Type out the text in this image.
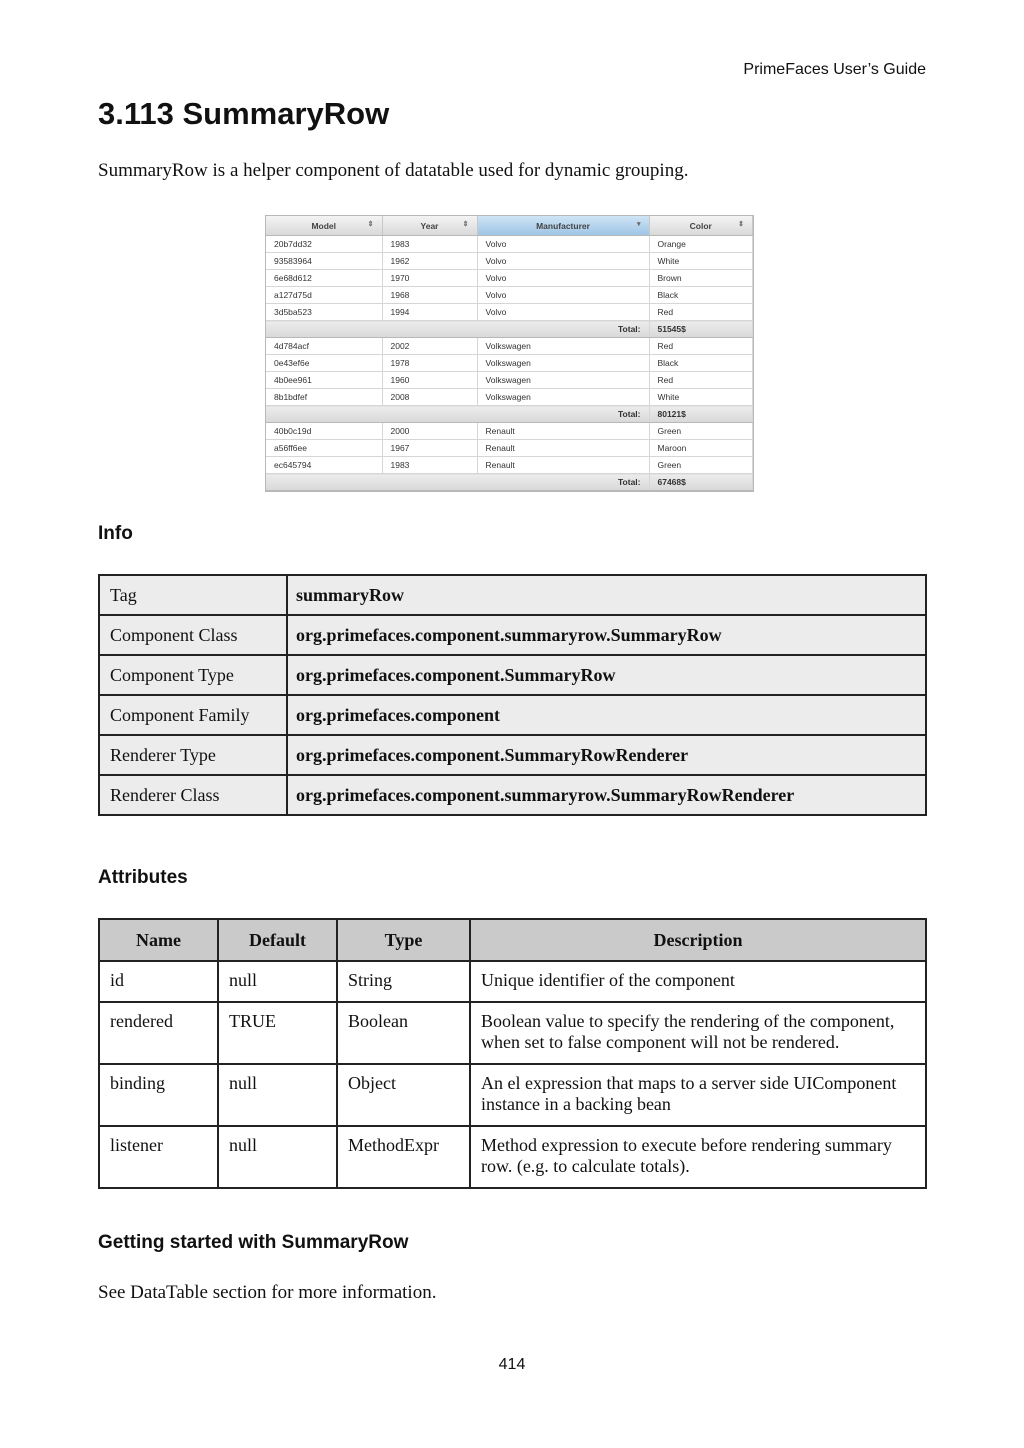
PrimeFaces User’s Guide
3.113 SummaryRow

SummaryRow is a helper component of datatable used for dynamic grouping.

Model ⇕	Year ⇕	Manufacturer ▾	Color ⇕

20b7dd32	1983	Volvo	Orange
93583964	1962	Volvo	White
6e68d612	1970	Volvo	Brown
a127d75d	1968	Volvo	Black
3d5ba523	1994	Volvo	Red
Total:			51545$
4d784acf	2002	Volkswagen	Red
0e43ef6e	1978	Volkswagen	Black
4b0ee961	1960	Volkswagen	Red
8b1bdfef	2008	Volkswagen	White
Total:			80121$
40b0c19d	2000	Renault	Green
a56ff6ee	1967	Renault	Maroon
ec645794	1983	Renault	Green
Total:			67468$
Info
Tag	summaryRow
Component Class	org.primefaces.component.summaryrow.SummaryRow
Component Type	org.primefaces.component.SummaryRow
Component Family	org.primefaces.component
Renderer Type	org.primefaces.component.SummaryRowRenderer
Renderer Class	org.primefaces.component.summaryrow.SummaryRowRenderer
Attributes
Name	Default	Type	Description
id	null	String	Unique identifier of the component
rendered	TRUE	Boolean	Boolean value to specify the rendering of the component, when set to false component will not be rendered.
binding	null	Object	An el expression that maps to a server side UIComponent instance in a backing bean
listener	null	MethodExpr	Method expression to execute before rendering summary row. (e.g. to calculate totals).
Getting started with SummaryRow

See DataTable section for more information.

414
